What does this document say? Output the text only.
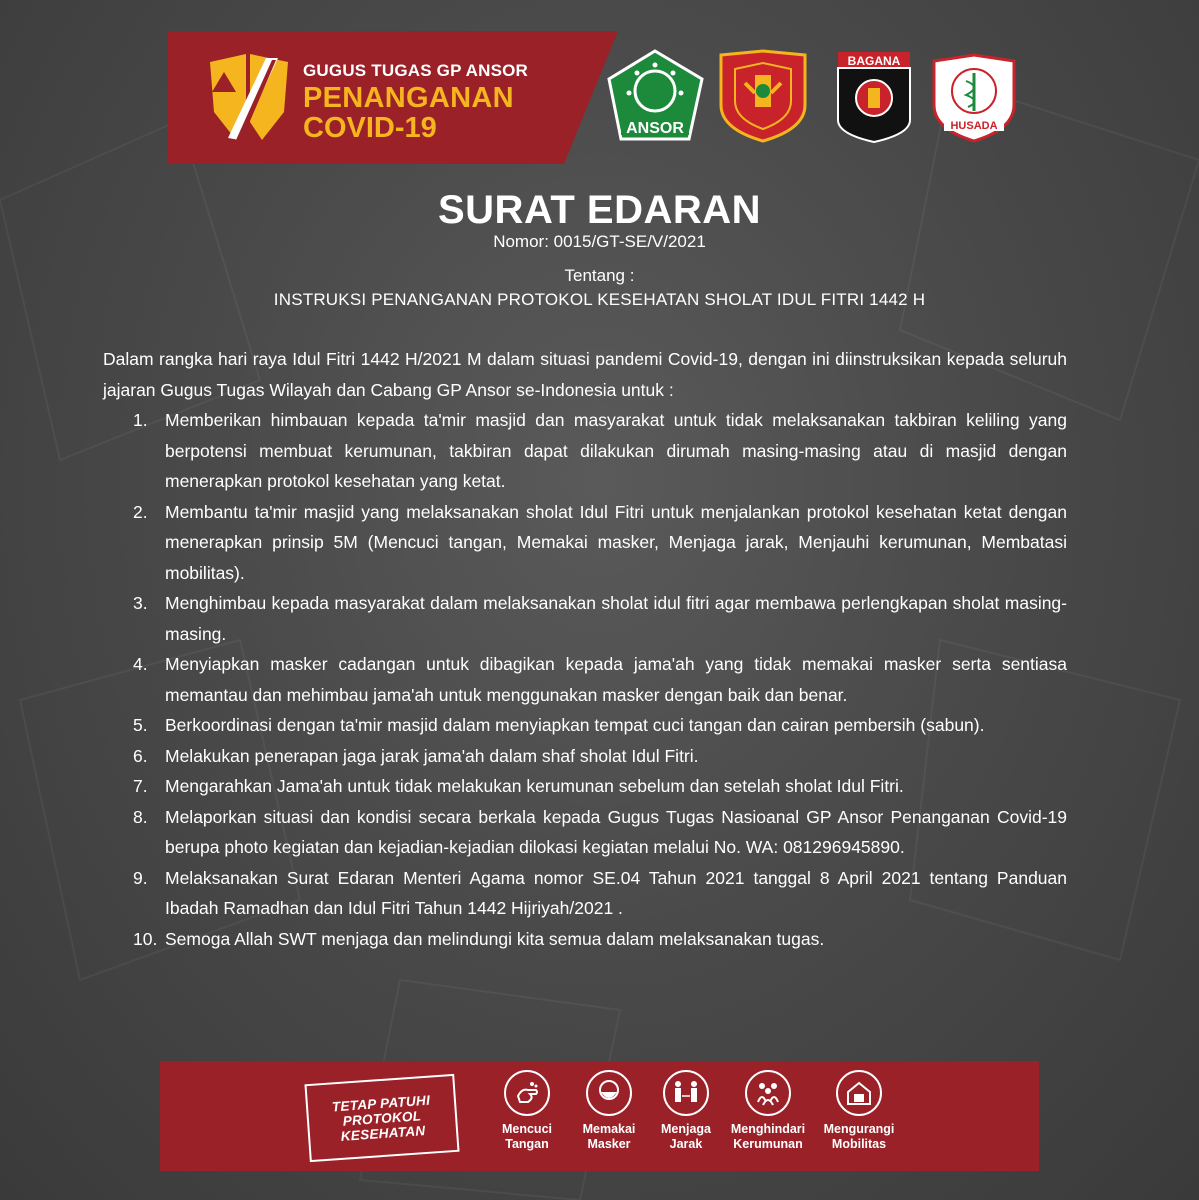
GUGUS TUGAS GP ANSOR
PENANGANAN
COVID-19	ANSOR
BAGANA
HUSADA
SURAT EDARAN
Nomor: 0015/GT-SE/V/2021
Tentang :
INSTRUKSI PENANGANAN PROTOKOL KESEHATAN SHOLAT IDUL FITRI 1442 H

Dalam rangka hari raya Idul Fitri 1442 H/2021 M dalam situasi pandemi Covid-19, dengan ini diinstruksikan kepada seluruh jajaran Gugus Tugas Wilayah dan Cabang GP Ansor se-Indonesia untuk :

1. Memberikan himbauan kepada ta'mir masjid dan masyarakat untuk tidak melaksanakan takbiran keliling yang berpotensi membuat kerumunan, takbiran dapat dilakukan dirumah masing-masing atau di masjid dengan menerapkan protokol kesehatan yang ketat.
2. Membantu ta'mir masjid yang melaksanakan sholat Idul Fitri untuk menjalankan protokol kesehatan ketat dengan menerapkan prinsip 5M (Mencuci tangan, Memakai masker, Menjaga jarak, Menjauhi kerumunan, Membatasi mobilitas).
3. Menghimbau kepada masyarakat dalam melaksanakan sholat idul fitri agar membawa perlengkapan sholat masing-masing.
4. Menyiapkan masker cadangan untuk dibagikan kepada jama'ah yang tidak memakai masker serta sentiasa memantau dan mehimbau jama'ah untuk menggunakan masker dengan baik dan benar.
5. Berkoordinasi dengan ta'mir masjid dalam menyiapkan tempat cuci tangan dan cairan pembersih (sabun).
6. Melakukan penerapan jaga jarak jama'ah dalam shaf sholat Idul Fitri.
7. Mengarahkan Jama'ah untuk tidak melakukan kerumunan sebelum dan setelah sholat Idul Fitri.
8. Melaporkan situasi dan kondisi secara berkala kepada Gugus Tugas Nasioanal GP Ansor Penanganan Covid-19 berupa photo kegiatan dan kejadian-kejadian dilokasi kegiatan melalui No. WA: 081296945890.
9. Melaksanakan Surat Edaran Menteri Agama nomor SE.04 Tahun 2021 tanggal 8 April 2021 tentang Panduan Ibadah Ramadhan dan Idul Fitri Tahun 1442 Hijriyah/2021 .
10. Semoga Allah SWT menjaga dan melindungi kita semua dalam melaksanakan tugas.
TETAP PATUHI
PROTOKOL
KESEHATAN	Mencuci
Tangan
Memakai
Masker
Menjaga
Jarak
Menghindari
Kerumunan
Mengurangi
Mobilitas
